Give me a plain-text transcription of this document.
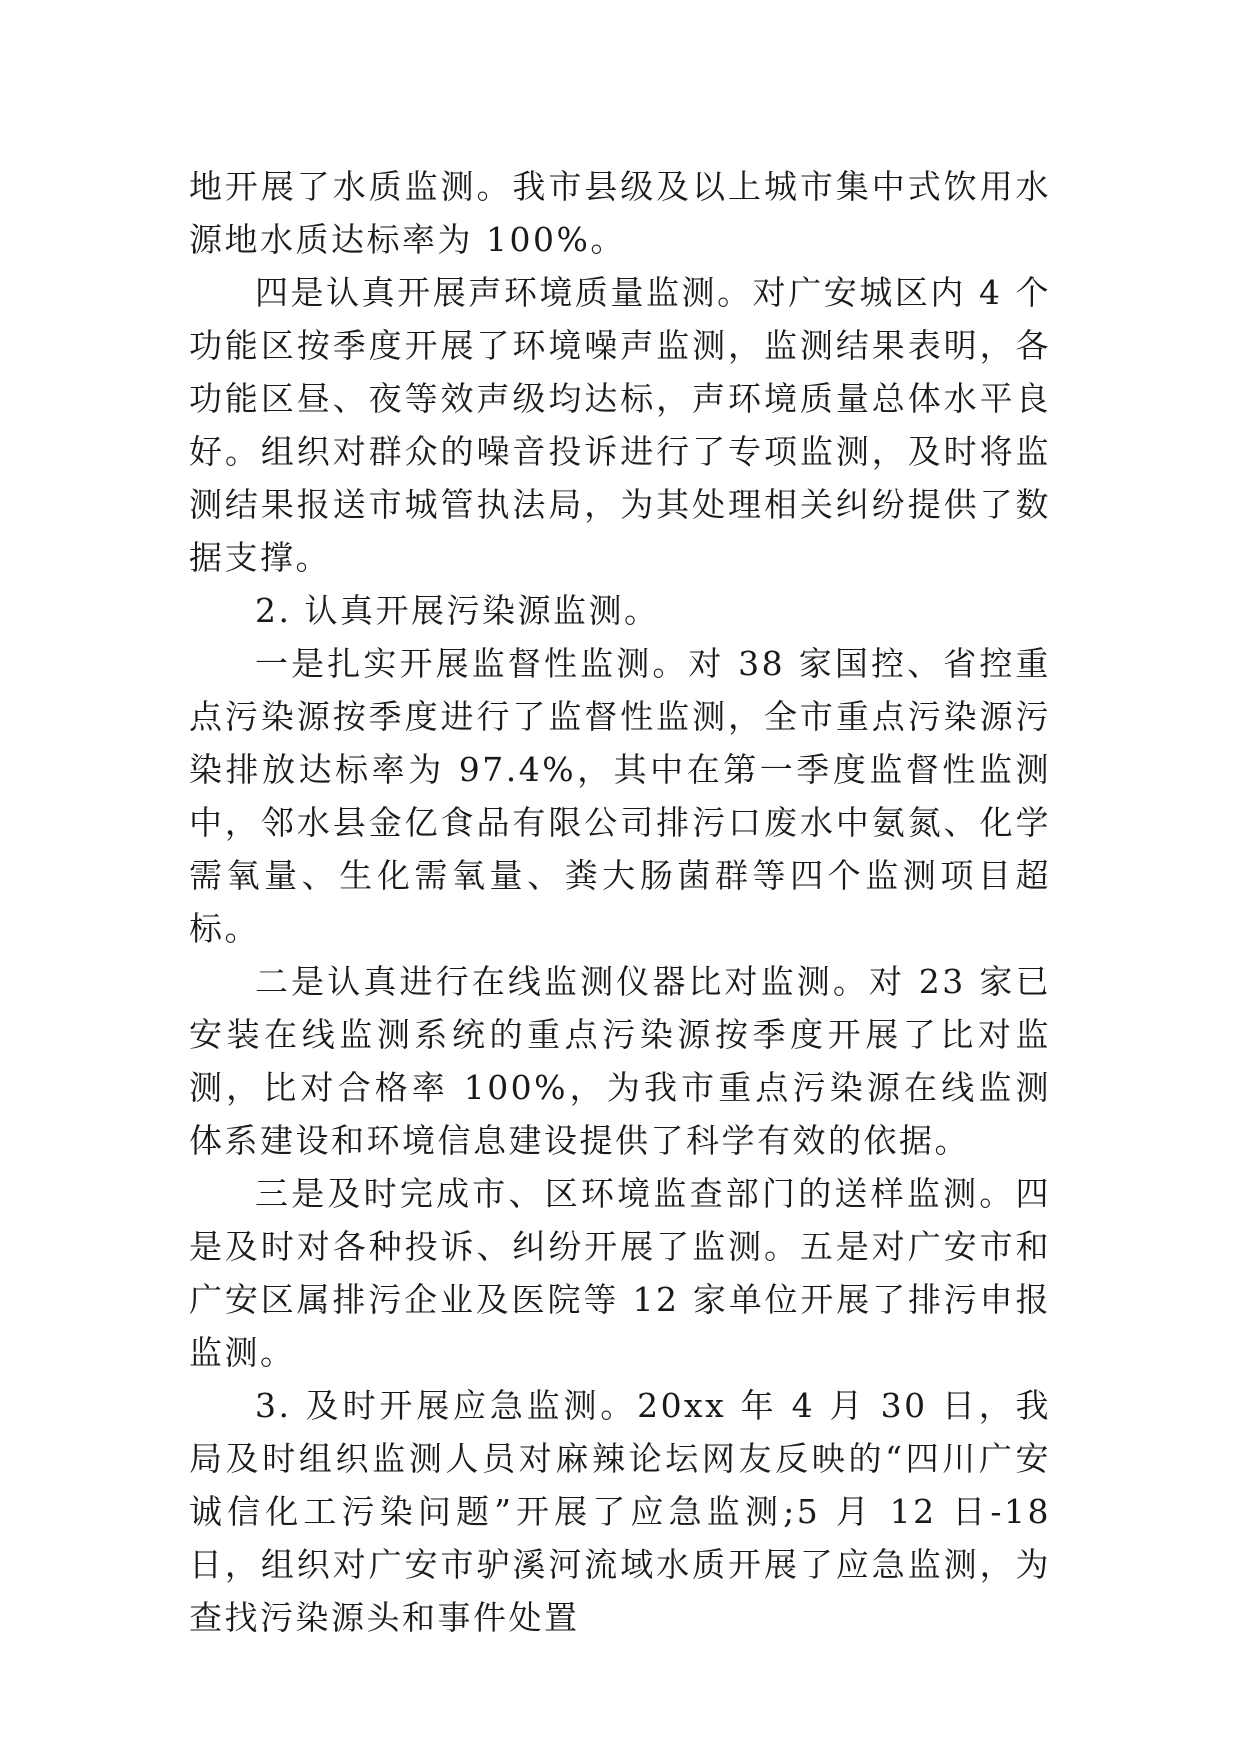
地开展了水质监测。我市县级及以上城市集中式饮用水源地水质达标率为 100%。

四是认真开展声环境质量监测。对广安城区内 4 个功能区按季度开展了环境噪声监测，监测结果表明，各功能区昼、夜等效声级均达标，声环境质量总体水平良好。组织对群众的噪音投诉进行了专项监测，及时将监测结果报送市城管执法局，为其处理相关纠纷提供了数据支撑。

2. 认真开展污染源监测。

一是扎实开展监督性监测。对 38 家国控、省控重点污染源按季度进行了监督性监测，全市重点污染源污染排放达标率为 97.4%，其中在第一季度监督性监测中，邻水县金亿食品有限公司排污口废水中氨氮、化学需氧量、生化需氧量、粪大肠菌群等四个监测项目超标。

二是认真进行在线监测仪器比对监测。对 23 家已安装在线监测系统的重点污染源按季度开展了比对监测，比对合格率 100%，为我市重点污染源在线监测体系建设和环境信息建设提供了科学有效的依据。

三是及时完成市、区环境监查部门的送样监测。四是及时对各种投诉、纠纷开展了监测。五是对广安市和广安区属排污企业及医院等 12 家单位开展了排污申报监测。

3. 及时开展应急监测。20xx 年 4 月 30 日，我局及时组织监测人员对麻辣论坛网友反映的“四川广安诚信化工污染问题”开展了应急监测;5 月 12 日-18 日，组织对广安市驴溪河流域水质开展了应急监测，为查找污染源头和事件处置
